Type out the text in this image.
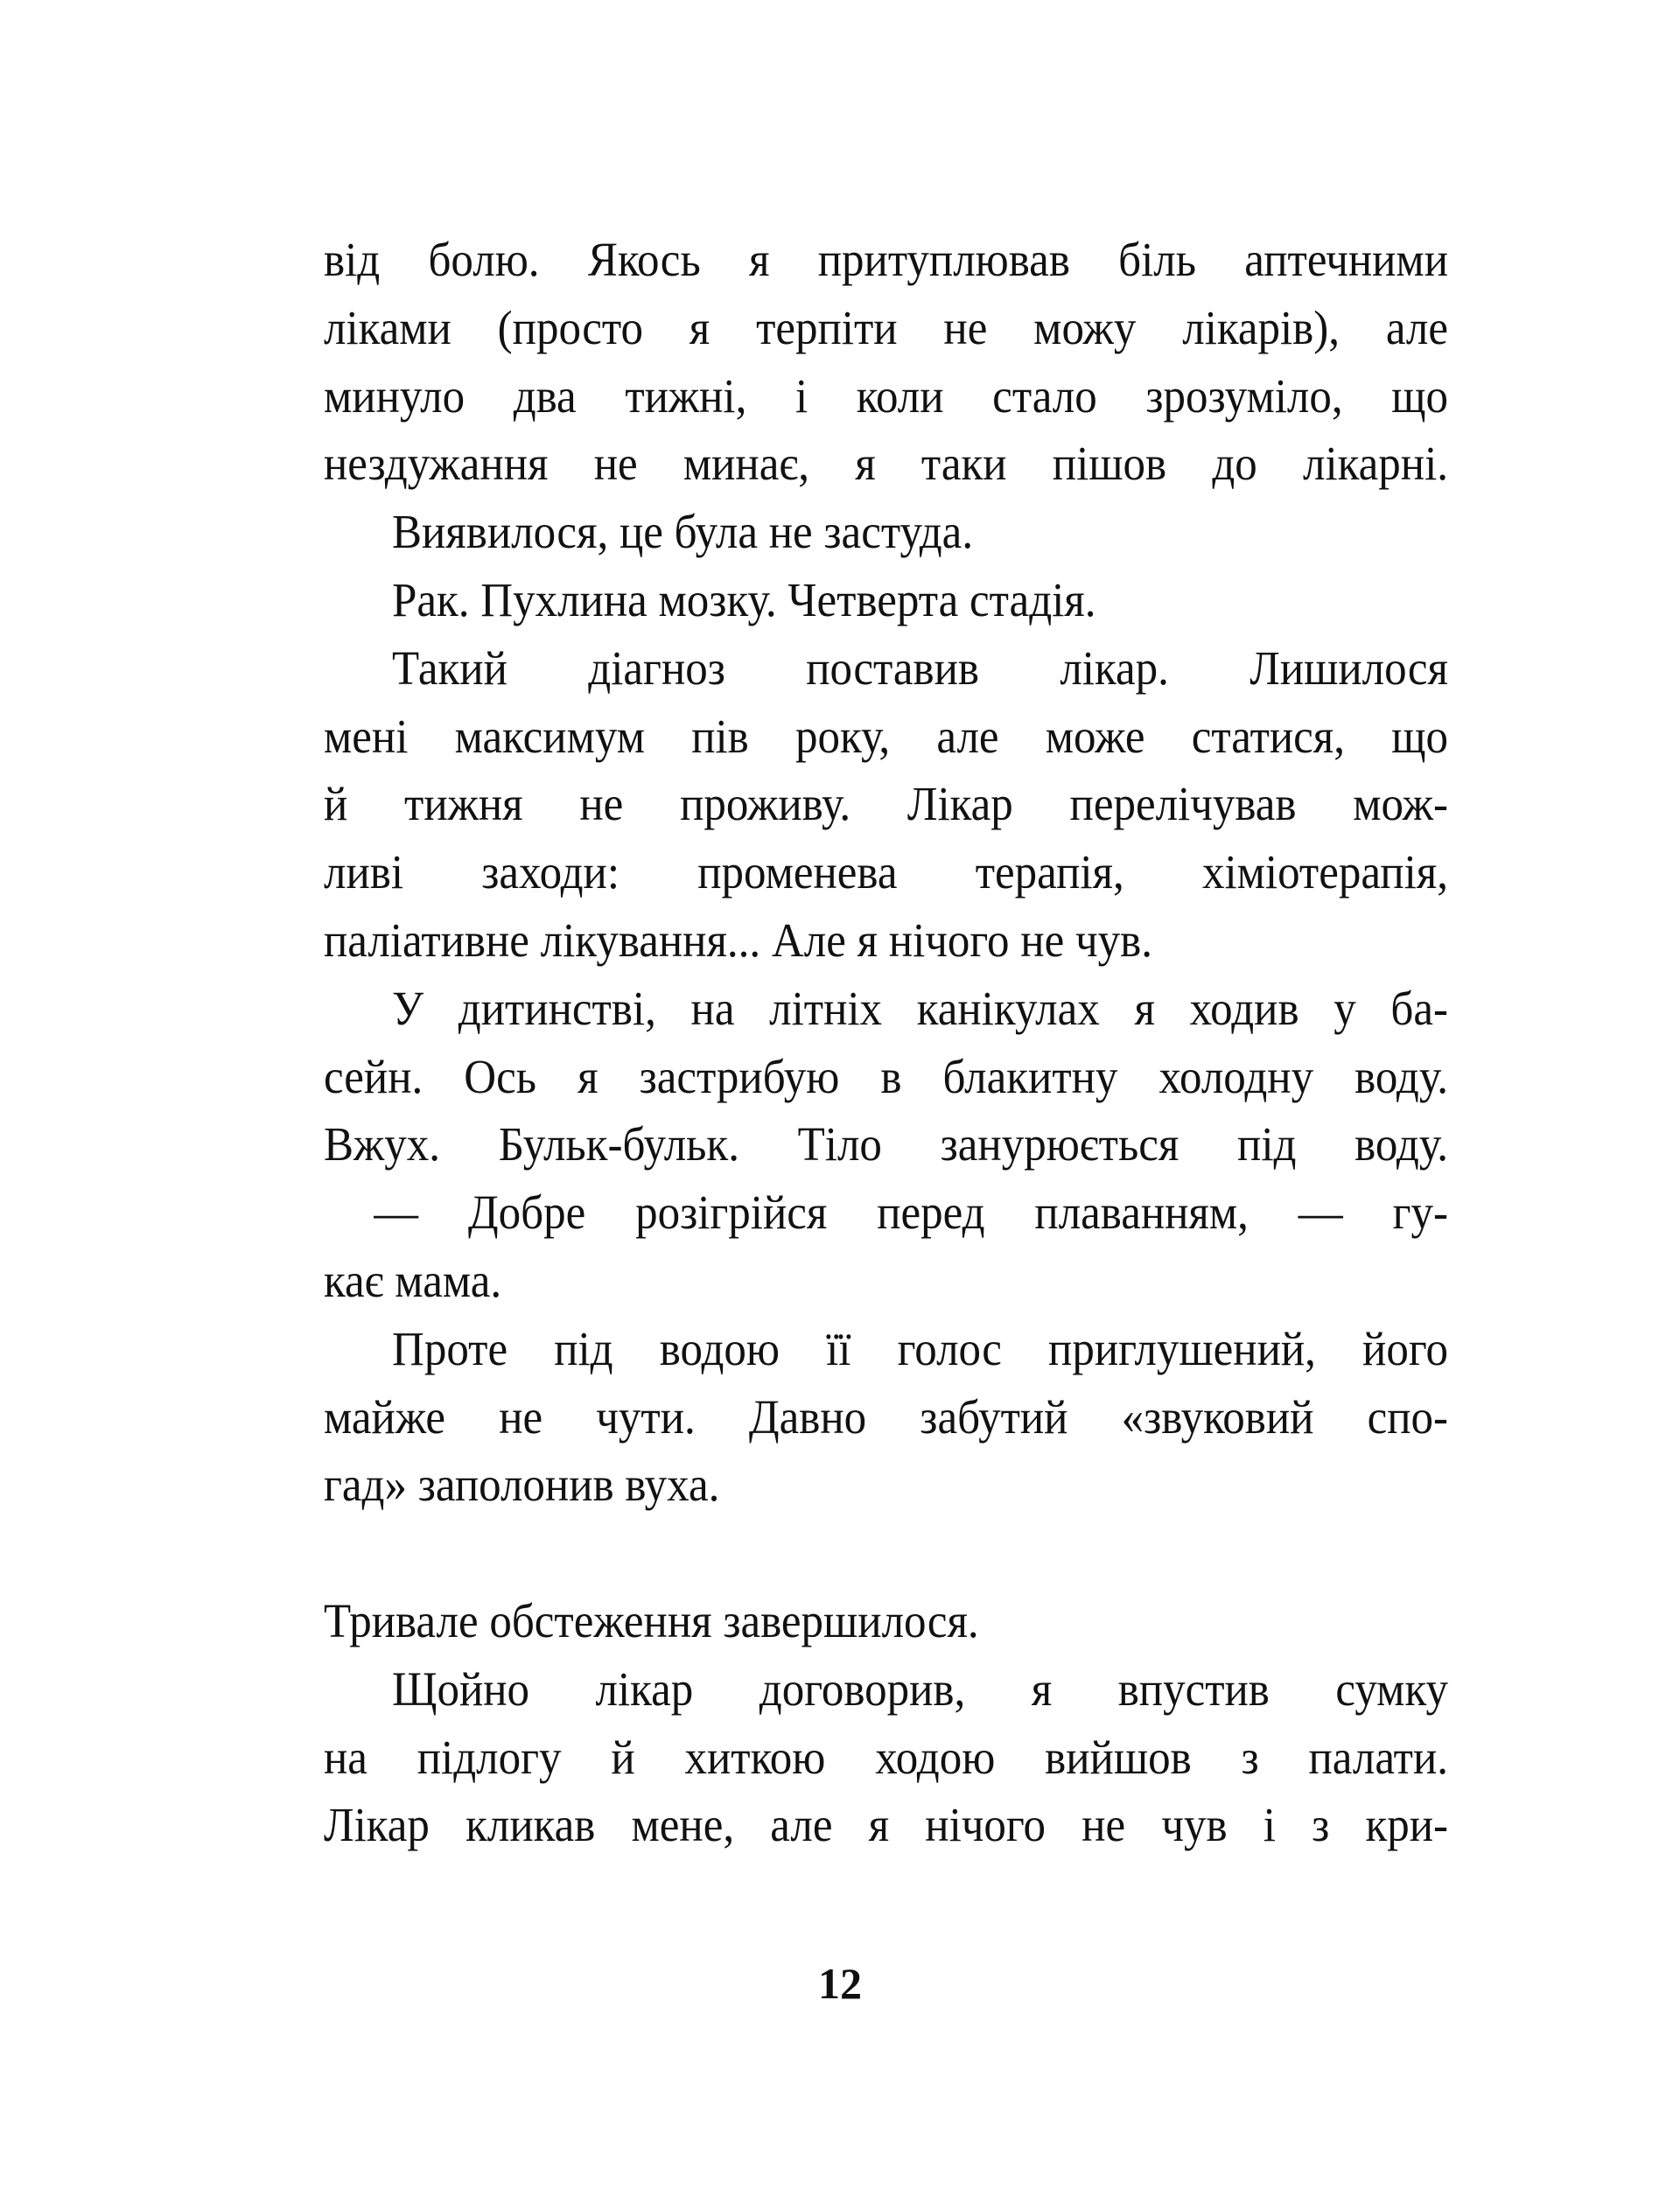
від болю. Якось я притуплював біль аптечними
ліками (просто я терпіти не можу лікарів), але
минуло два тижні, і коли стало зрозуміло, що
нездужання не минає, я таки пішов до лікарні.
Виявилося, це була не застуда.
Рак. Пухлина мозку. Четверта стадія.
Такий діагноз поставив лікар. Лишилося
мені максимум пів року, але може статися, що
й тижня не проживу. Лікар перелічував мож-
ливі заходи: променева терапія, хіміотерапія,
паліативне лікування... Але я нічого не чув.
У дитинстві, на літніх канікулах я ходив у ба-
сейн. Ось я застрибую в блакитну холодну воду.
Вжух. Бульк-бульк. Тіло занурюється під воду.
— Добре розігрійся перед плаванням, — гу-
кає мама.
Проте під водою її голос приглушений, його
майже не чути. Давно забутий «звуковий спо-
гад» заполонив вуха.
Тривале обстеження завершилося.
Щойно лікар договорив, я впустив сумку
на підлогу й хиткою ходою вийшов з палати.
Лікар кликав мене, але я нічого не чув і з кри-
12
